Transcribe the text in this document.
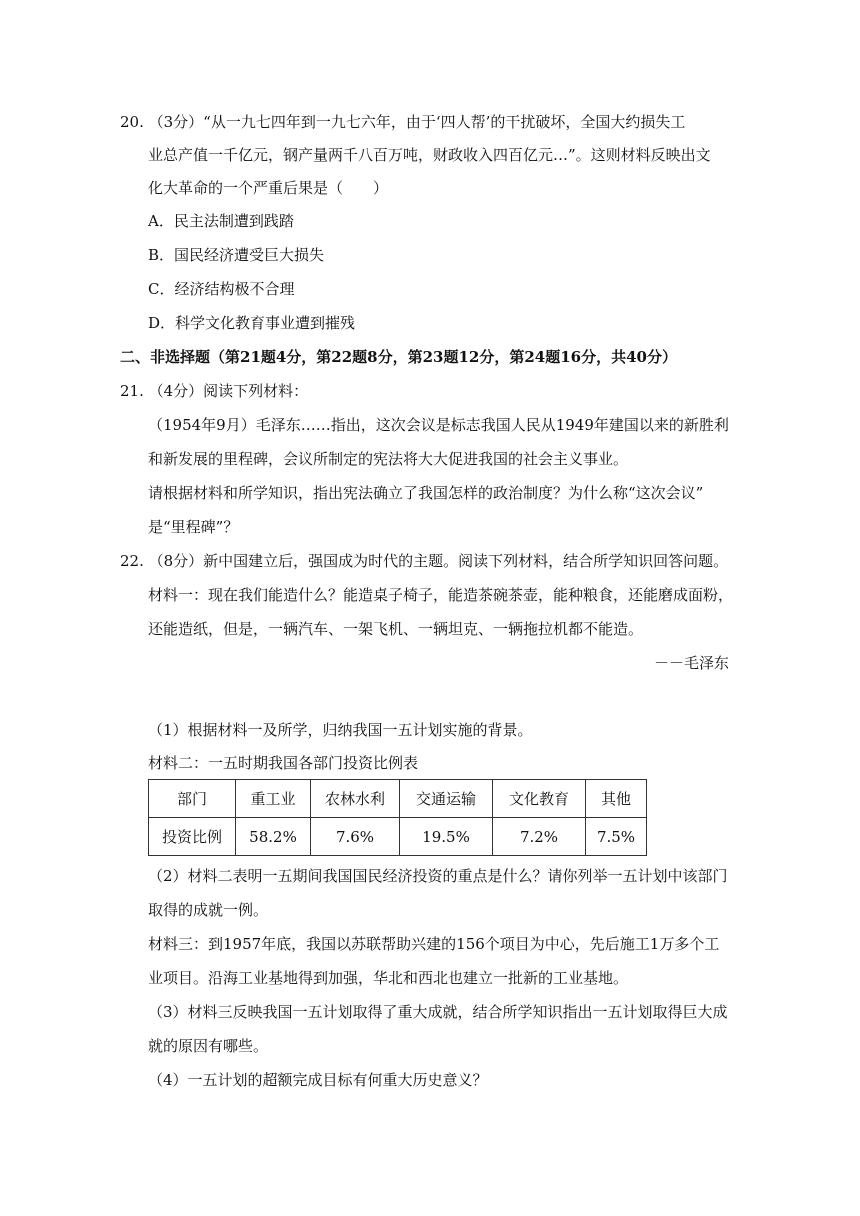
20. （3分）“从一九七四年到一九七六年，由于‘四人帮’的干扰破坏，全国大约损失工
业总产值一千亿元，钢产量两千八百万吨，财政收入四百亿元…”。这则材料反映出文
化大革命的一个严重后果是（　　）
A．民主法制遭到践踏
B．国民经济遭受巨大损失
C．经济结构极不合理
D．科学文化教育事业遭到摧残
二、非选择题（第21题4分，第22题8分，第23题12分，第24题16分，共40分）
21. （4分）阅读下列材料：
（1954年9月）毛泽东……指出，这次会议是标志我国人民从1949年建国以来的新胜利
和新发展的里程碑，会议所制定的宪法将大大促进我国的社会主义事业。
请根据材料和所学知识，指出宪法确立了我国怎样的政治制度？为什么称“这次会议”
是“里程碑”？
22. （8分）新中国建立后，强国成为时代的主题。阅读下列材料，结合所学知识回答问题。
材料一：现在我们能造什么？能造桌子椅子，能造茶碗茶壶，能种粮食，还能磨成面粉，
还能造纸，但是，一辆汽车、一架飞机、一辆坦克、一辆拖拉机都不能造。
－－毛泽东
（1）根据材料一及所学，归纳我国一五计划实施的背景。
材料二：一五时期我国各部门投资比例表
部门	重工业	农林水利	交通运输	文化教育	其他
投资比例	58.2%	7.6%	19.5%	7.2%	7.5%
（2）材料二表明一五期间我国国民经济投资的重点是什么？请你列举一五计划中该部门
取得的成就一例。
材料三：到1957年底，我国以苏联帮助兴建的156个项目为中心，先后施工1万多个工
业项目。沿海工业基地得到加强，华北和西北也建立一批新的工业基地。
（3）材料三反映我国一五计划取得了重大成就，结合所学知识指出一五计划取得巨大成
就的原因有哪些。
（4）一五计划的超额完成目标有何重大历史意义？
